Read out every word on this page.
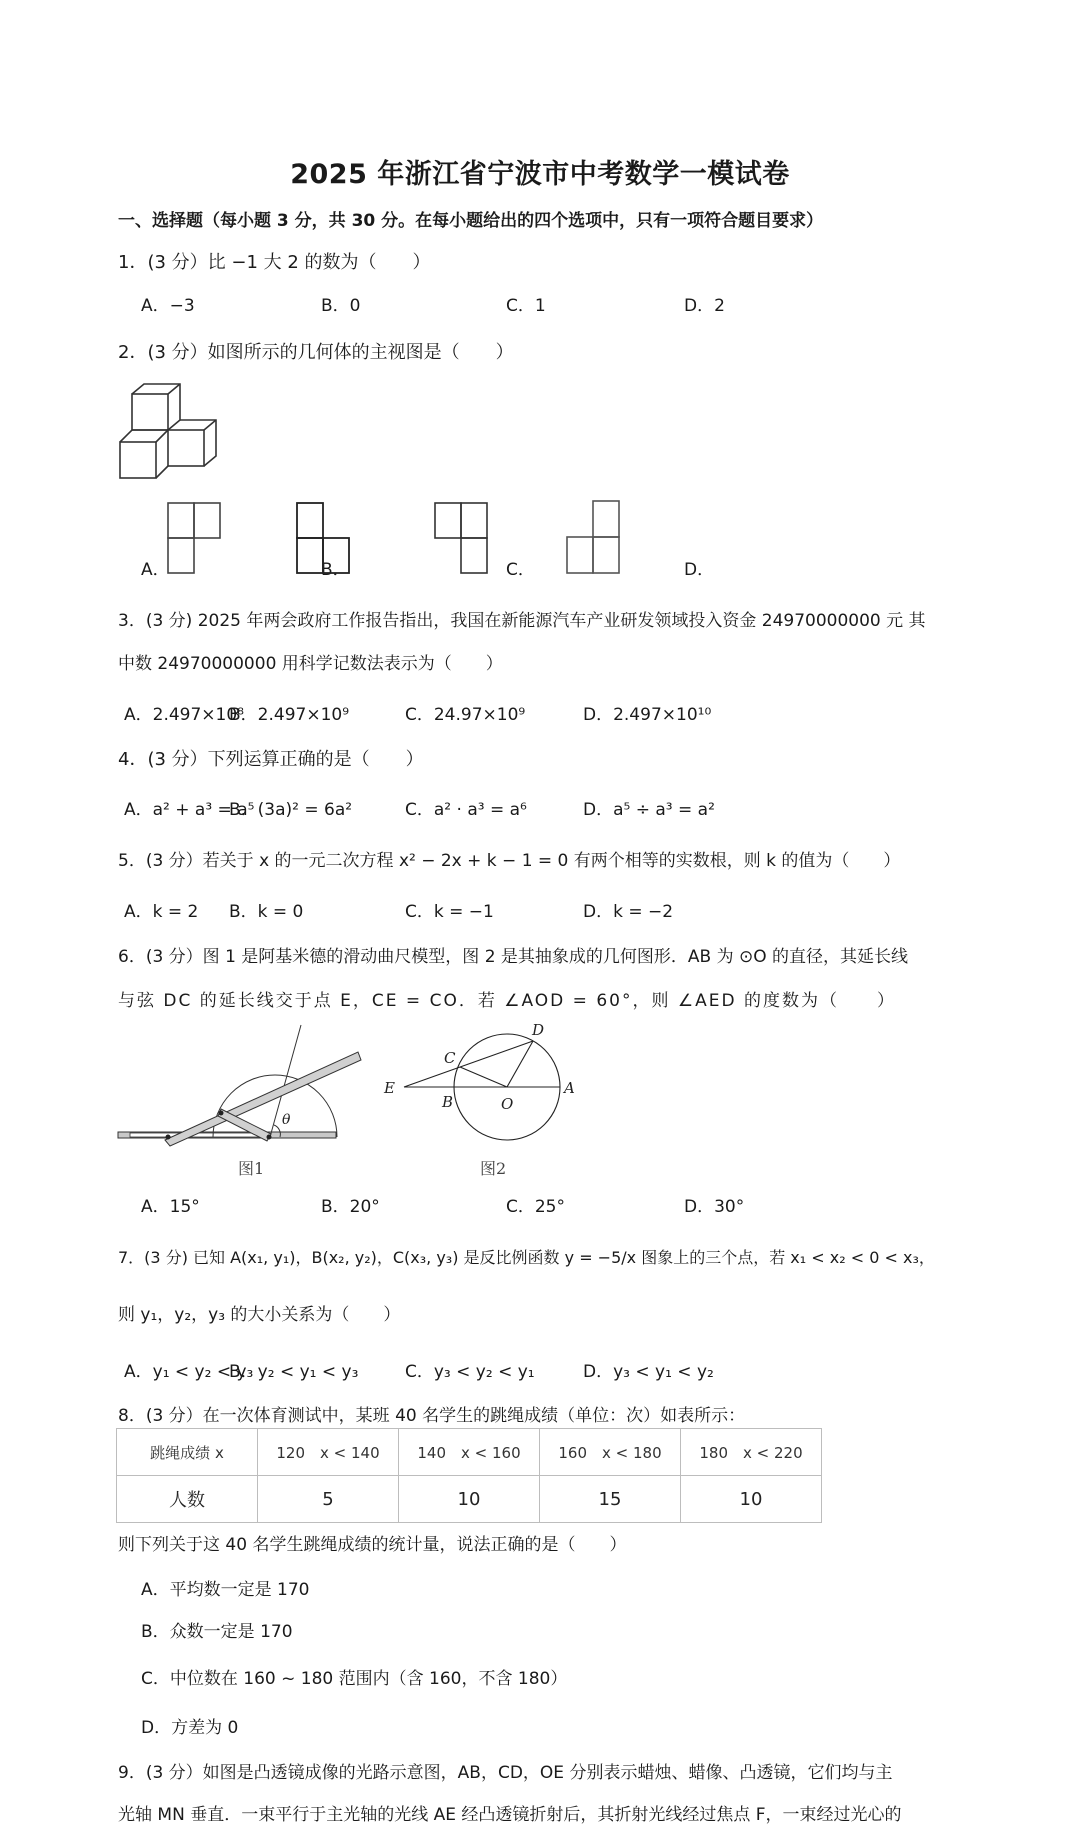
2025 年浙江省宁波市中考数学一模试卷
一、选择题（每小题 3 分，共 30 分。在每小题给出的四个选项中，只有一项符合题目要求）
1．(3 分）比 −1 大 2 的数为（　　）
A．−3	B．0	C．1	D．2
2．(3 分）如图所示的几何体的主视图是（　　）
A．	B．	C．	D．
3．(3 分) 2025 年两会政府工作报告指出，我国在新能源汽车产业研发领域投入资金 24970000000 元 其
中数 24970000000 用科学记数法表示为（　　）
A．2.497×10⁸
B．2.497×10⁹	C．24.97×10⁹	D．2.497×10¹⁰
4．(3 分）下列运算正确的是（　　）
A．a² + a³ = a⁵
B．(3a)² = 6a²	C．a² · a³ = a⁶	D．a⁵ ÷ a³ = a²
5．(3 分）若关于 x 的一元二次方程 x² − 2x + k − 1 = 0 有两个相等的实数根，则 k 的值为（　　）
A．k = 2 B．k = 0	C．k = −1	D．k = −2
6．(3 分）图 1 是阿基米德的滑动曲尺模型，图 2 是其抽象成的几何图形．AB 为 ⊙O 的直径，其延长线
与弦 DC 的延长线交于点 E，CE = CO．若 ∠AOD = 60°，则 ∠AED 的度数为（　　）
θ
图1
E
B	O
A
C
D
图2
A．15°	B．20°	C．25°	D．30°
7．(3 分) 已知 A(x₁, y₁)，B(x₂, y₂)，C(x₃, y₃) 是反比例函数 y = −5/x 图象上的三个点，若 x₁ < x₂ < 0 < x₃，
则 y₁，y₂，y₃ 的大小关系为（　　）
A．y₁ < y₂ < y₃
B．y₂ < y₁ < y₃	C．y₃ < y₂ < y₁	D．y₃ < y₁ < y₂
8．(3 分）在一次体育测试中，某班 40 名学生的跳绳成绩（单位：次）如表所示：
跳绳成绩 x	120　x < 140	140　x < 160	160　x < 180	180　x < 220
人数	5	10	15	10
则下列关于这 40 名学生跳绳成绩的统计量，说法正确的是（　　）
A．平均数一定是 170
B．众数一定是 170
C．中位数在 160 ~ 180 范围内（含 160，不含 180）
D．方差为 0
9．(3 分）如图是凸透镜成像的光路示意图，AB，CD，OE 分别表示蜡烛、蜡像、凸透镜，它们均与主
光轴 MN 垂直．一束平行于主光轴的光线 AE 经凸透镜折射后，其折射光线经过焦点 F，一束经过光心的
